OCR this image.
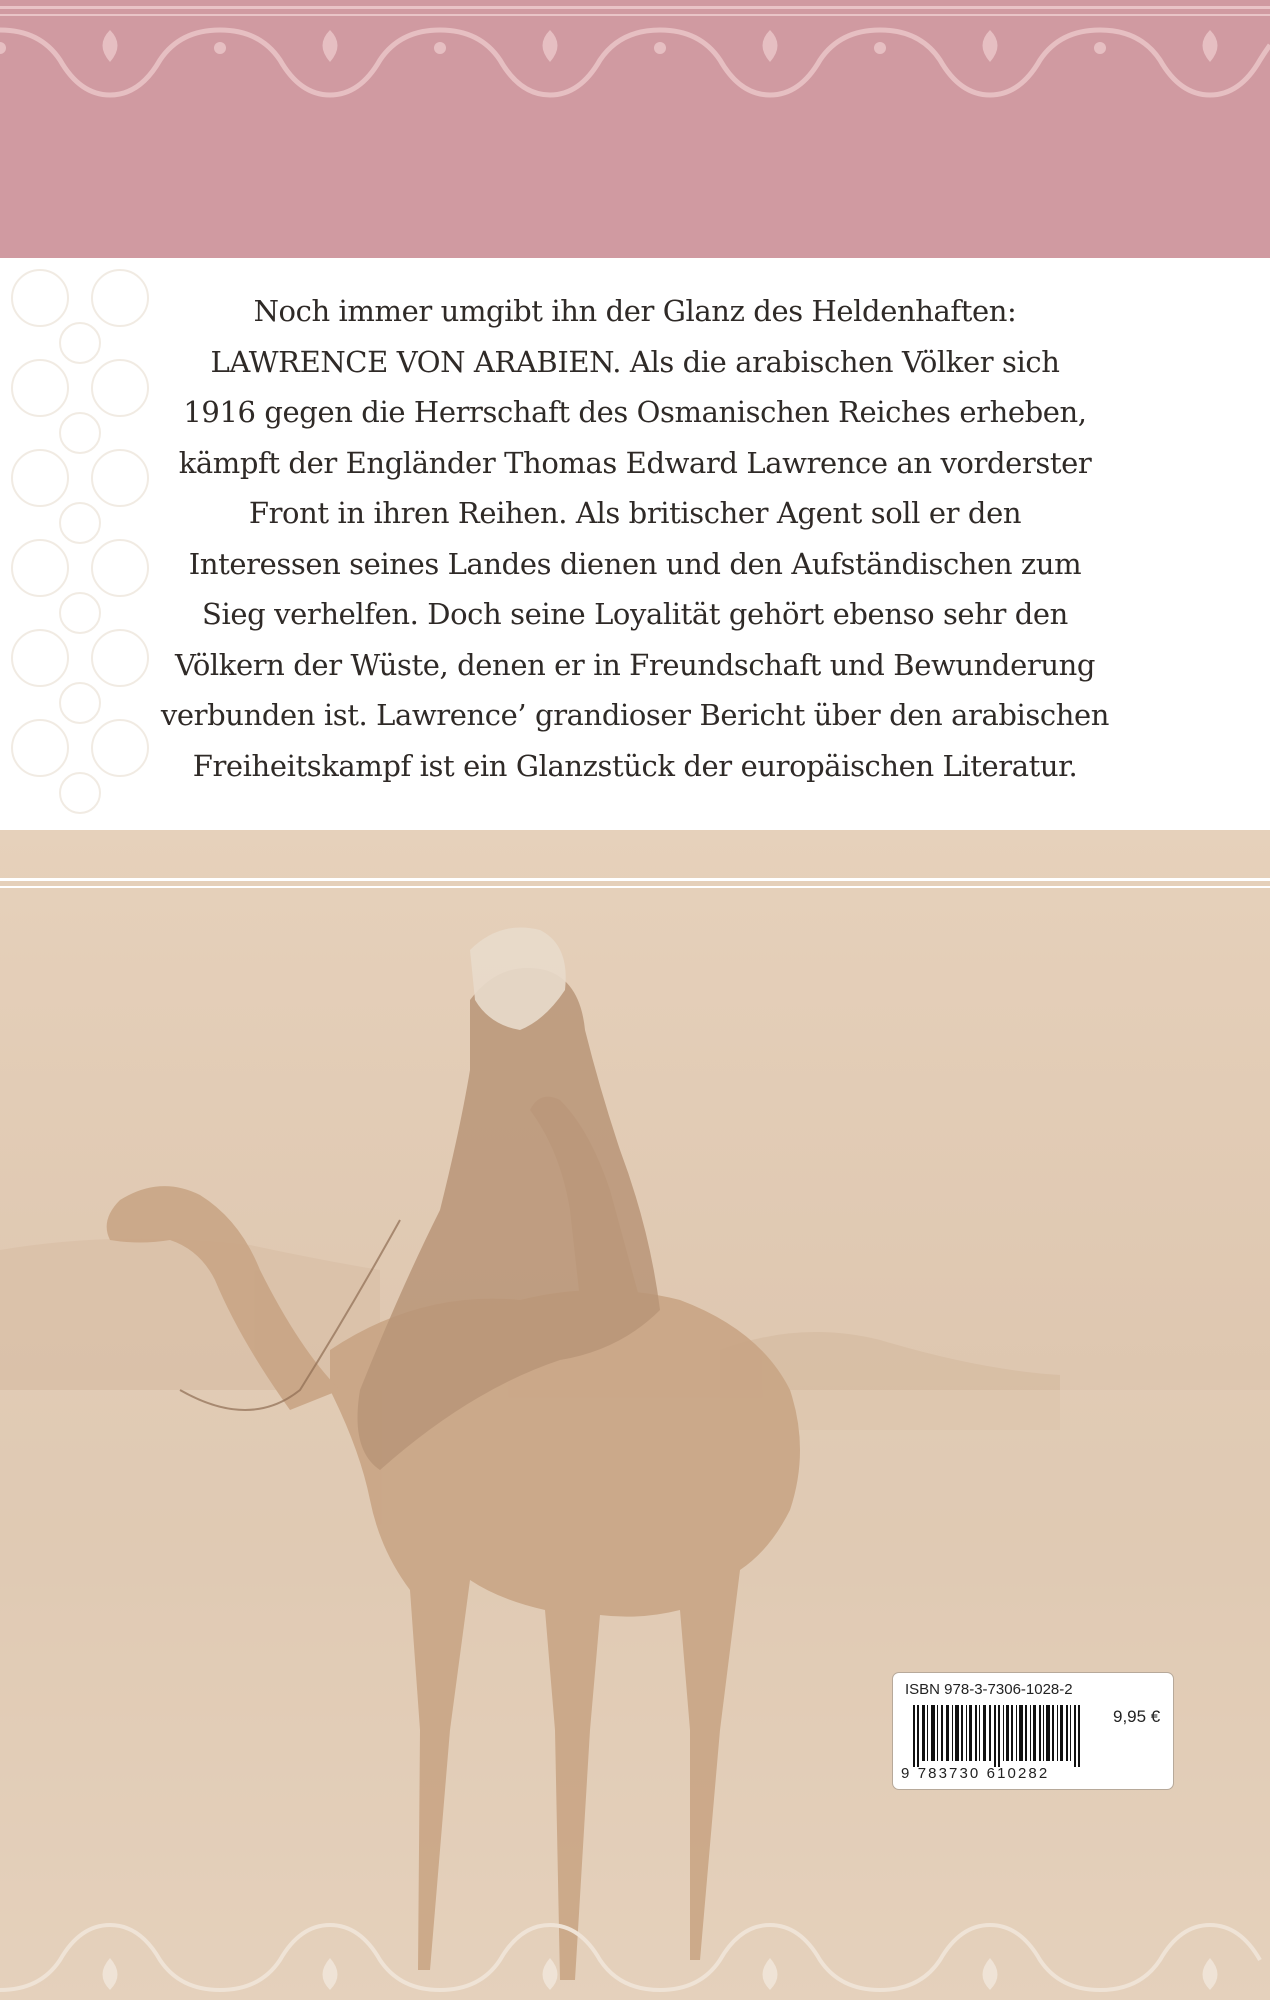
Noch immer umgibt ihn der Glanz des Heldenhaften:
LAWRENCE VON ARABIEN. Als die arabischen Völker sich
1916 gegen die Herrschaft des Osmanischen Reiches erheben,
kämpft der Engländer Thomas Edward Lawrence an vorderster
Front in ihren Reihen. Als britischer Agent soll er den
Interessen seines Landes dienen und den Aufständischen zum
Sieg verhelfen. Doch seine Loyalität gehört ebenso sehr den
Völkern der Wüste, denen er in Freundschaft und Bewunderung
verbunden ist. Lawrence’ grandioser Bericht über den arabischen
Freiheitskampf ist ein Glanzstück der europäischen Literatur.
ISBN 978-3-7306-1028-2
9 783730 610282
9,95 €
